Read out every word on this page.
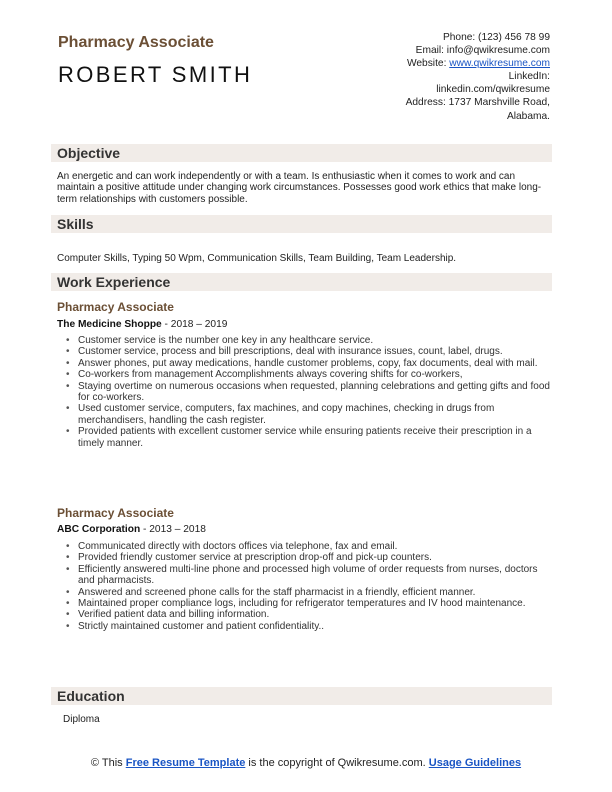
Pharmacy Associate
ROBERT SMITH
Phone: (123) 456 78 99
Email: info@qwikresume.com
Website: www.qwikresume.com
LinkedIn:
linkedin.com/qwikresume
Address: 1737 Marshville Road,
Alabama.
Objective
An energetic and can work independently or with a team. Is enthusiastic when it comes to work and can maintain a positive attitude under changing work circumstances. Possesses good work ethics that make long-term relationships with customers possible.
Skills
Computer Skills, Typing 50 Wpm, Communication Skills, Team Building, Team Leadership.
Work Experience
Pharmacy Associate
The Medicine Shoppe - 2018 – 2019
• Customer service is the number one key in any healthcare service.
• Customer service, process and bill prescriptions, deal with insurance issues, count, label, drugs.
• Answer phones, put away medications, handle customer problems, copy, fax documents, deal with mail.
• Co-workers from management Accomplishments always covering shifts for co-workers,
• Staying overtime on numerous occasions when requested, planning celebrations and getting gifts and food for co-workers.
• Used customer service, computers, fax machines, and copy machines, checking in drugs from merchandisers, handling the cash register.
• Provided patients with excellent customer service while ensuring patients receive their prescription in a timely manner.
Pharmacy Associate
ABC Corporation - 2013 – 2018
• Communicated directly with doctors offices via telephone, fax and email.
• Provided friendly customer service at prescription drop-off and pick-up counters.
• Efficiently answered multi-line phone and processed high volume of order requests from nurses, doctors and pharmacists.
• Answered and screened phone calls for the staff pharmacist in a friendly, efficient manner.
• Maintained proper compliance logs, including for refrigerator temperatures and IV hood maintenance.
• Verified patient data and billing information.
• Strictly maintained customer and patient confidentiality..
Education
Diploma
© This Free Resume Template is the copyright of Qwikresume.com. Usage Guidelines
